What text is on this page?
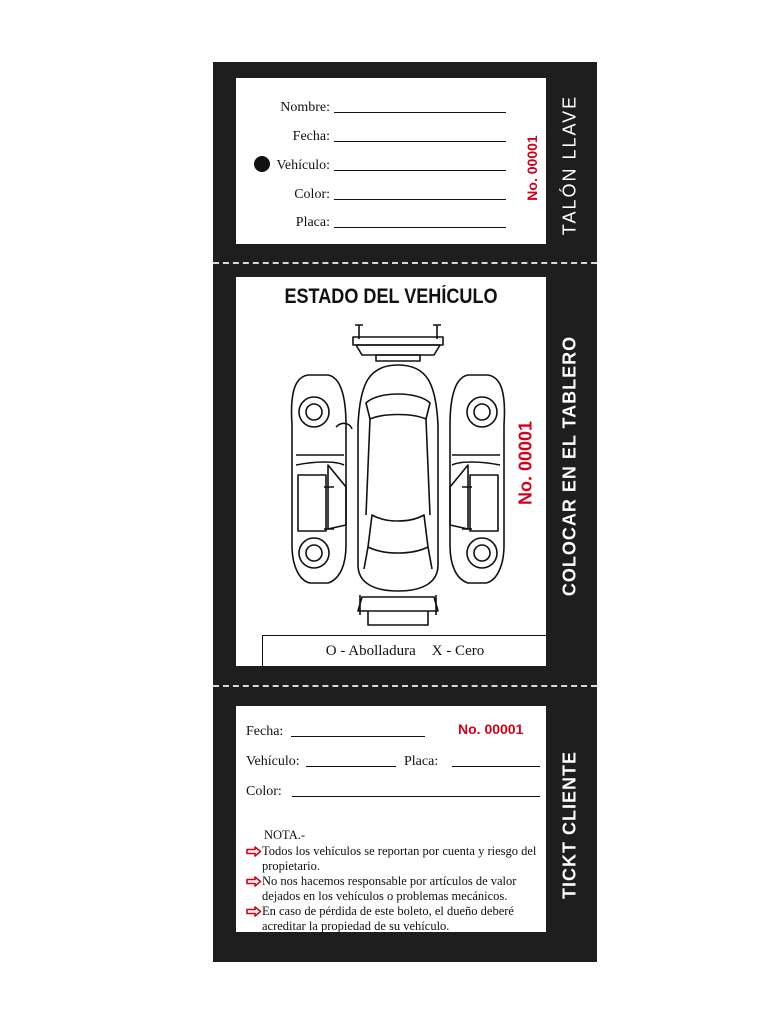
Nombre:
Fecha:
Vehículo:
Color:
Placa:
No. 00001 TALÓN LLAVE
ESTADO DEL VEHÍCULO
No. 00001
O - Abolladura X - Cero
COLOCAR EN EL TABLERO
No. 00001
Fecha:
Vehículo:	Placa:
Color:
NOTA.-
Todos los vehículos se reportan por cuenta y riesgo del propietario.
No nos hacemos responsable por artículos de valor dejados en los vehículos o problemas mecánicos.
En caso de pérdida de este boleto, el dueño deberé acreditar la propiedad de su vehículo.
TICKT CLIENTE
